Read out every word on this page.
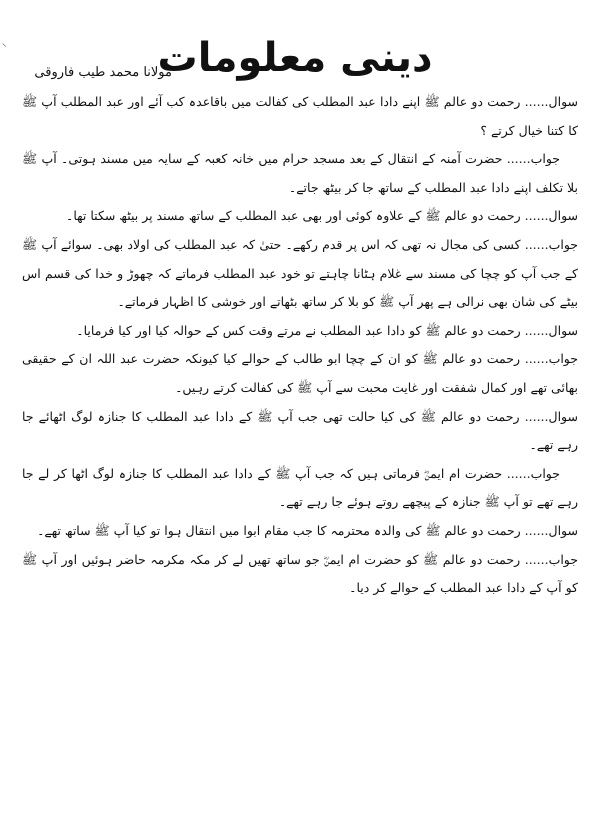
⸜	دینی معلومات
مولانا محمد طیب فاروقی

سوال...... رحمت دو عالم ﷺ اپنے دادا عبد المطلب کی کفالت میں باقاعدہ کب آئے اور عبد المطلب آپ ﷺ کا کتنا خیال کرتے ؟

جواب...... حضرت آمنہ کے انتقال کے بعد مسجد حرام میں خانہ کعبہ کے سایہ میں مسند ہوتی۔ آپ ﷺ بلا تکلف اپنے دادا عبد المطلب کے ساتھ جا کر بیٹھ جاتے۔

سوال...... رحمت دو عالم ﷺ کے علاوہ کوئی اور بھی عبد المطلب کے ساتھ مسند پر بیٹھ سکتا تھا۔

جواب...... کسی کی مجال نہ تھی کہ اس پر قدم رکھے۔ حتیٰ کہ عبد المطلب کی اولاد بھی۔ سوائے آپ ﷺ کے جب آپ کو چچا کی مسند سے غلام ہٹانا چاہتے تو خود عبد المطلب فرماتے کہ چھوڑ و خدا کی قسم اس بیٹے کی شان بھی نرالی ہے پھر آپ ﷺ کو بلا کر ساتھ بٹھاتے اور خوشی کا اظہار فرماتے۔

سوال...... رحمت دو عالم ﷺ کو دادا عبد المطلب نے مرتے وقت کس کے حوالہ کیا اور کیا فرمایا۔

جواب...... رحمت دو عالم ﷺ کو ان کے چچا ابو طالب کے حوالے کیا کیونکہ حضرت عبد اللہ ان کے حقیقی بھائی تھے اور کمال شفقت اور غایت محبت سے آپ ﷺ کی کفالت کرتے رہیں۔

سوال...... رحمت دو عالم ﷺ کی کیا حالت تھی جب آپ ﷺ کے دادا عبد المطلب کا جنازہ لوگ اٹھائے جا رہے تھے۔

جواب...... حضرت ام ایمنؓ فرماتی ہیں کہ جب آپ ﷺ کے دادا عبد المطلب کا جنازہ لوگ اٹھا کر لے جا رہے تھے تو آپ ﷺ جنازہ کے پیچھے روتے ہوئے جا رہے تھے۔

سوال...... رحمت دو عالم ﷺ کی والدہ محترمہ کا جب مقام ابوا میں انتقال ہوا تو کیا آپ ﷺ ساتھ تھے۔

جواب...... رحمت دو عالم ﷺ کو حضرت ام ایمنؓ جو ساتھ تھیں لے کر مکہ مکرمہ حاضر ہوئیں اور آپ ﷺ کو آپ کے دادا عبد المطلب کے حوالے کر دیا۔
